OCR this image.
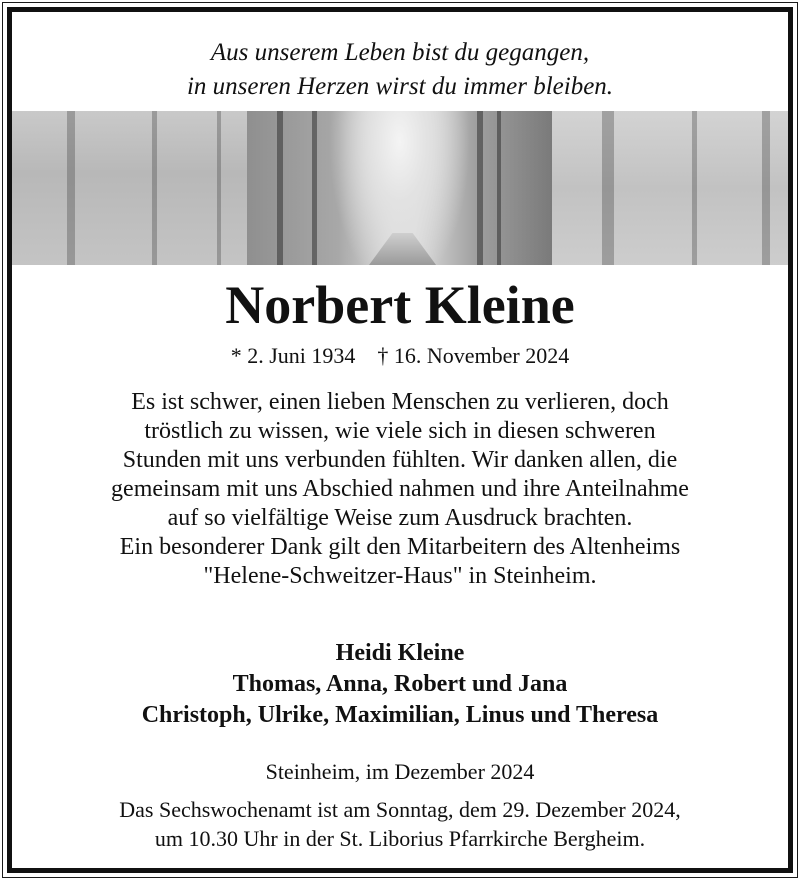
Aus unserem Leben bist du gegangen,
in unseren Herzen wirst du immer bleiben.
Norbert Kleine
* 2. Juni 1934 † 16. November 2024
Es ist schwer, einen lieben Menschen zu verlieren, doch
tröstlich zu wissen, wie viele sich in diesen schweren
Stunden mit uns verbunden fühlten. Wir danken allen, die
gemeinsam mit uns Abschied nahmen und ihre Anteilnahme
auf so vielfältige Weise zum Ausdruck brachten.
Ein besonderer Dank gilt den Mitarbeitern des Altenheims
"Helene-Schweitzer-Haus" in Steinheim.
Heidi Kleine
Thomas, Anna, Robert und Jana
Christoph, Ulrike, Maximilian, Linus und Theresa
Steinheim, im Dezember 2024
Das Sechswochenamt ist am Sonntag, dem 29. Dezember 2024,
um 10.30 Uhr in der St. Liborius Pfarrkirche Bergheim.
